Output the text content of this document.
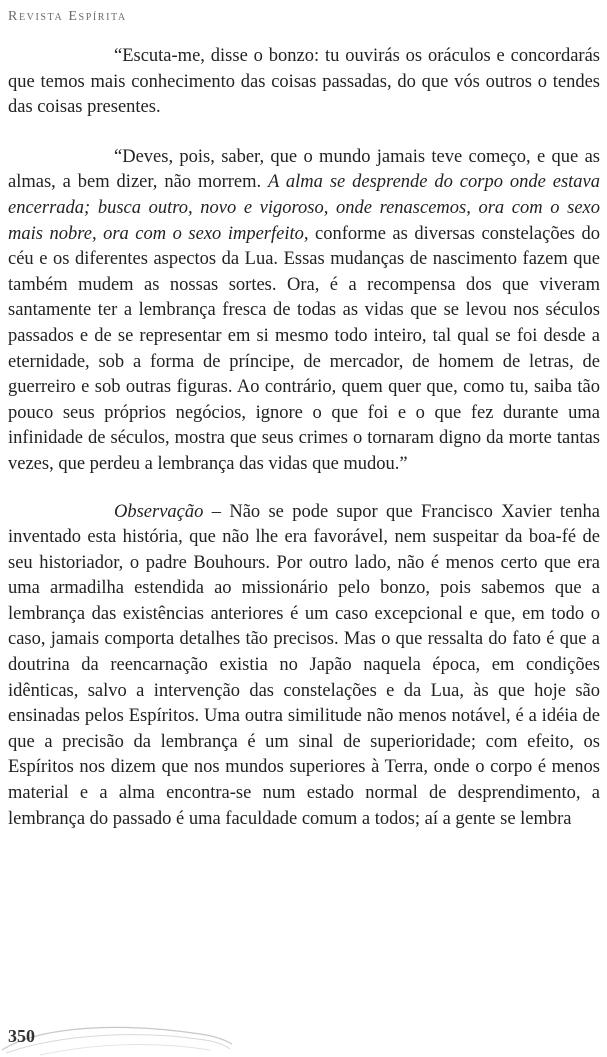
Revista Espírita

“Escuta-me, disse o bonzo: tu ouvirás os oráculos e concordarás que temos mais conhecimento das coisas passadas, do que vós outros o tendes das coisas presentes.

“Deves, pois, saber, que o mundo jamais teve começo, e que as almas, a bem dizer, não morrem. A alma se desprende do corpo onde estava encerrada; busca outro, novo e vigoroso, onde renascemos, ora com o sexo mais nobre, ora com o sexo imperfeito, conforme as diversas constelações do céu e os diferentes aspectos da Lua. Essas mudanças de nascimento fazem que também mudem as nossas sortes. Ora, é a recompensa dos que viveram santamente ter a lembrança fresca de todas as vidas que se levou nos séculos passados e de se representar em si mesmo todo inteiro, tal qual se foi desde a eternidade, sob a forma de príncipe, de mercador, de homem de letras, de guerreiro e sob outras figuras. Ao contrário, quem quer que, como tu, saiba tão pouco seus próprios negócios, ignore o que foi e o que fez durante uma infinidade de séculos, mostra que seus crimes o tornaram digno da morte tantas vezes, que perdeu a lembrança das vidas que mudou.”

Observação – Não se pode supor que Francisco Xavier tenha inventado esta história, que não lhe era favorável, nem suspeitar da boa-fé de seu historiador, o padre Bouhours. Por outro lado, não é menos certo que era uma armadilha estendida ao missionário pelo bonzo, pois sabemos que a lembrança das existências anteriores é um caso excepcional e que, em todo o caso, jamais comporta detalhes tão precisos. Mas o que ressalta do fato é que a doutrina da reencarnação existia no Japão naquela época, em condições idênticas, salvo a intervenção das constelações e da Lua, às que hoje são ensinadas pelos Espíritos. Uma outra similitude não menos notável, é a idéia de que a precisão da lembrança é um sinal de superioridade; com efeito, os Espíritos nos dizem que nos mundos superiores à Terra, onde o corpo é menos material e a alma encontra-se num estado normal de desprendimento, a lembrança do passado é uma faculdade comum a todos; aí a gente se lembra

350
